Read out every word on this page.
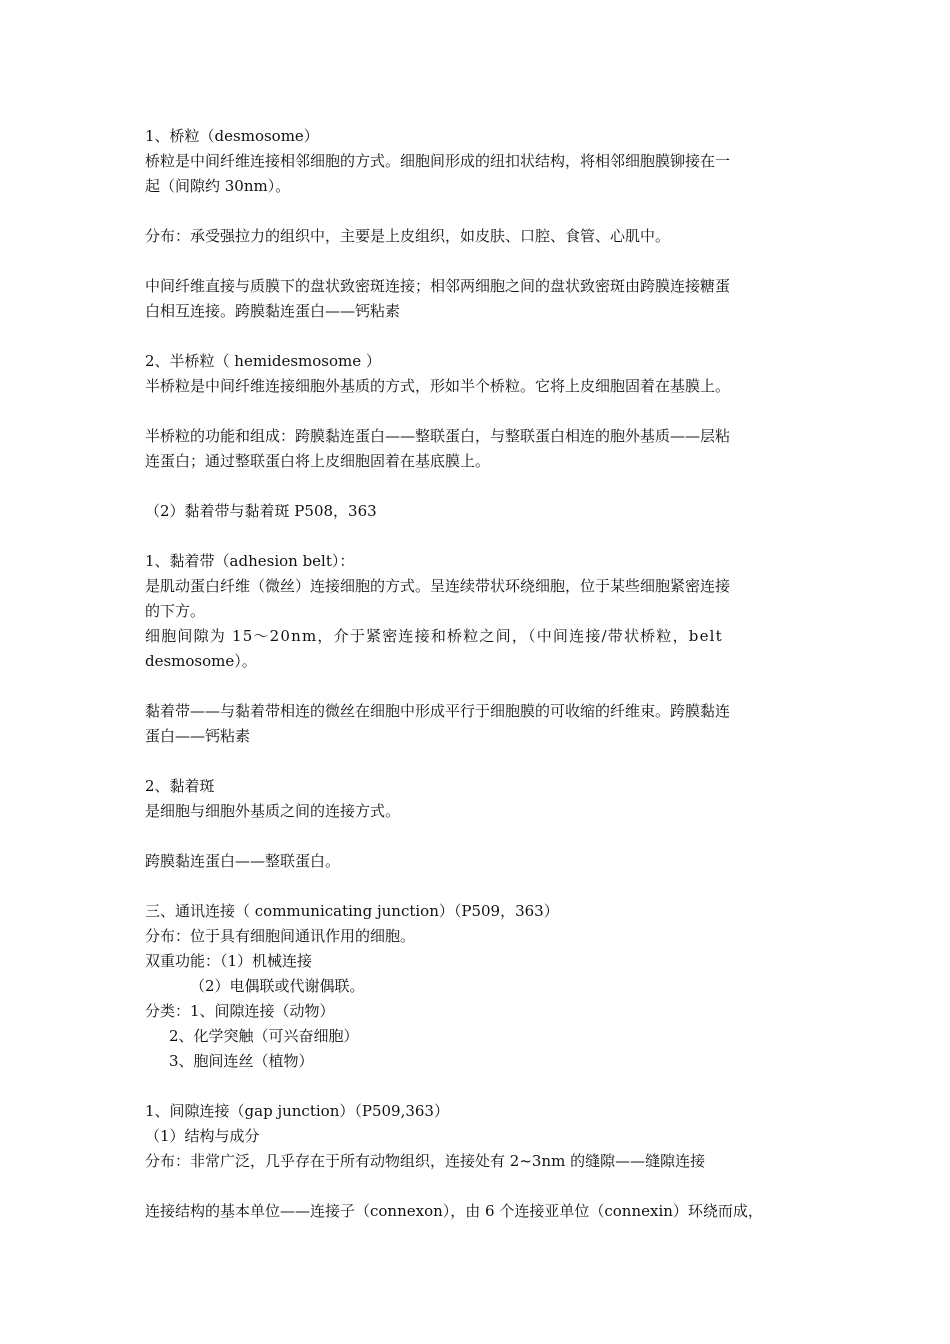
1、桥粒（desmosome）
桥粒是中间纤维连接相邻细胞的方式。细胞间形成的纽扣状结构，将相邻细胞膜铆接在一
起（间隙约 30nm）。
分布：承受强拉力的组织中，主要是上皮组织，如皮肤、口腔、食管、心肌中。
中间纤维直接与质膜下的盘状致密斑连接；相邻两细胞之间的盘状致密斑由跨膜连接糖蛋
白相互连接。跨膜黏连蛋白——钙粘素
2、半桥粒（ hemidesmosome ）
半桥粒是中间纤维连接细胞外基质的方式，形如半个桥粒。它将上皮细胞固着在基膜上。
半桥粒的功能和组成：跨膜黏连蛋白——整联蛋白，与整联蛋白相连的胞外基质——层粘
连蛋白；通过整联蛋白将上皮细胞固着在基底膜上。
（2）黏着带与黏着斑 P508，363
1、黏着带（adhesion belt）：
是肌动蛋白纤维（微丝）连接细胞的方式。呈连续带状环绕细胞，位于某些细胞紧密连接
的下方。
细胞间隙为 15～20nm，介于紧密连接和桥粒之间，（中间连接/带状桥粒，belt
desmosome）。
黏着带——与黏着带相连的微丝在细胞中形成平行于细胞膜的可收缩的纤维束。跨膜黏连
蛋白——钙粘素
2、黏着斑
是细胞与细胞外基质之间的连接方式。
跨膜黏连蛋白——整联蛋白。
三、通讯连接（ communicating junction）（P509，363）
分布：位于具有细胞间通讯作用的细胞。
双重功能：（1）机械连接
（2）电偶联或代谢偶联。
分类：1、间隙连接（动物）
2、化学突触（可兴奋细胞）
3、胞间连丝（植物）
1、间隙连接（gap junction）（P509,363）
（1）结构与成分
分布：非常广泛，几乎存在于所有动物组织，连接处有 2~3nm 的缝隙——缝隙连接
连接结构的基本单位——连接子（connexon），由 6 个连接亚单位（connexin）环绕而成，
